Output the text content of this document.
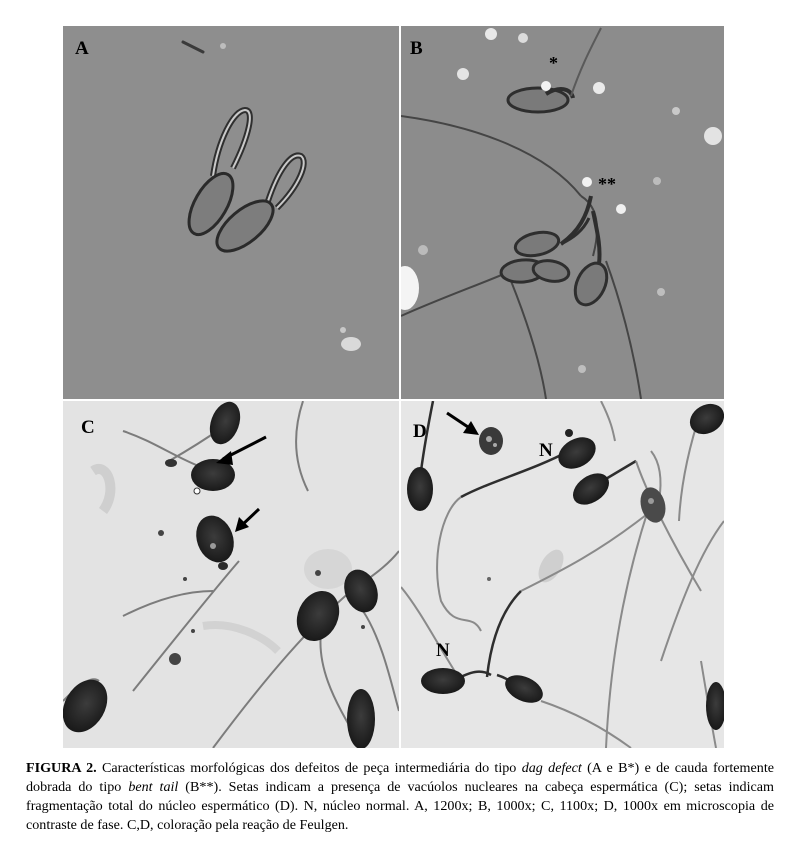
A	B
*
**
C	D
N
N
FIGURA 2. Características morfológicas dos defeitos de peça intermediária do tipo dag defect (A e B*) e de cauda fortemente dobrada do tipo bent tail (B**). Setas indicam a presença de vacúolos nucleares na cabeça espermática (C); setas indicam fragmentação total do núcleo espermático (D). N, núcleo normal. A, 1200x; B, 1000x; C, 1100x; D, 1000x em microscopia de contraste de fase. C,D, coloração pela reação de Feulgen.
